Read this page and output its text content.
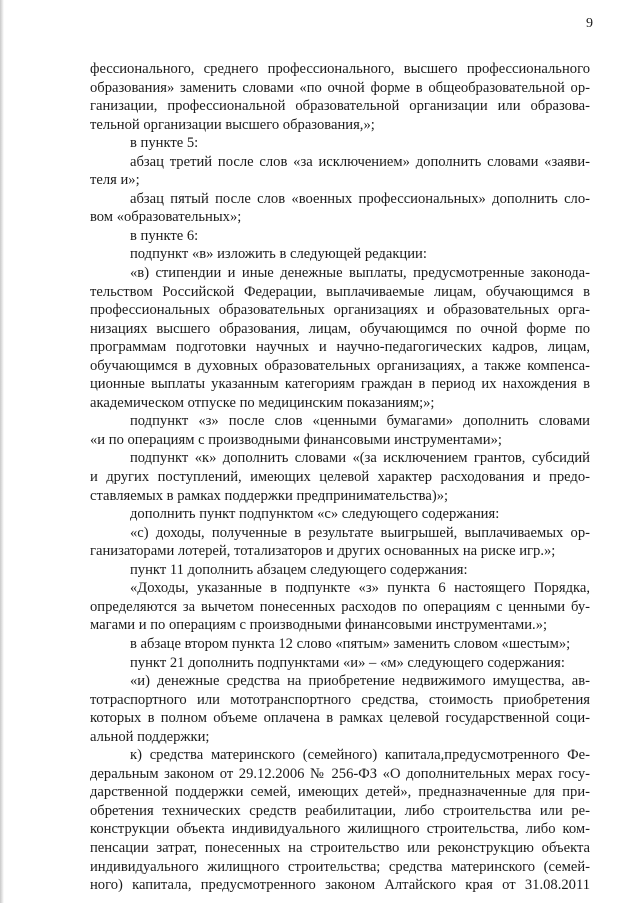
9
фессионального, среднего профессионального, высшего профессионального
образования» заменить словами «по очной форме в общеобразовательной ор-
ганизации, профессиональной образовательной организации или образова-
тельной организации высшего образования,»;
в пункте 5:
абзац третий после слов «за исключением» дополнить словами «заяви-
теля и»;
абзац пятый после слов «военных профессиональных» дополнить сло-
вом «образовательных»;
в пункте 6:
подпункт «в» изложить в следующей редакции:
«в) стипендии и иные денежные выплаты, предусмотренные законода-
тельством Российской Федерации, выплачиваемые лицам, обучающимся в
профессиональных образовательных организациях и образовательных орга-
низациях высшего образования, лицам, обучающимся по очной форме по
программам подготовки научных и научно-педагогических кадров, лицам,
обучающимся в духовных образовательных организациях, а также компенса-
ционные выплаты указанным категориям граждан в период их нахождения в
академическом отпуске по медицинским показаниям;»;
подпункт «з» после слов «ценными бумагами» дополнить словами
«и по операциям с производными финансовыми инструментами»;
подпункт «к» дополнить словами «(за исключением грантов, субсидий
и других поступлений, имеющих целевой характер расходования и предо-
ставляемых в рамках поддержки предпринимательства)»;
дополнить пункт подпунктом «с» следующего содержания:
«с) доходы, полученные в результате выигрышей, выплачиваемых ор-
ганизаторами лотерей, тотализаторов и других основанных на риске игр.»;
пункт 11 дополнить абзацем следующего содержания:
«Доходы, указанные в подпункте «з» пункта 6 настоящего Порядка,
определяются за вычетом понесенных расходов по операциям с ценными бу-
магами и по операциям с производными финансовыми инструментами.»;
в абзаце втором пункта 12 слово «пятым» заменить словом «шестым»;
пункт 21 дополнить подпунктами «и» – «м» следующего содержания:
«и) денежные средства на приобретение недвижимого имущества, ав-
тотраспортного или мототранспортного средства, стоимость приобретения
которых в полном объеме оплачена в рамках целевой государственной соци-
альной поддержки;
к) средства материнского (семейного) капитала,предусмотренного Фе-
деральным законом от 29.12.2006 № 256-ФЗ «О дополнительных мерах госу-
дарственной поддержки семей, имеющих детей», предназначенные для при-
обретения технических средств реабилитации, либо строительства или ре-
конструкции объекта индивидуального жилищного строительства, либо ком-
пенсации затрат, понесенных на строительство или реконструкцию объекта
индивидуального жилищного строительства; средства материнского (семей-
ного) капитала, предусмотренного законом Алтайского края от 31.08.2011
